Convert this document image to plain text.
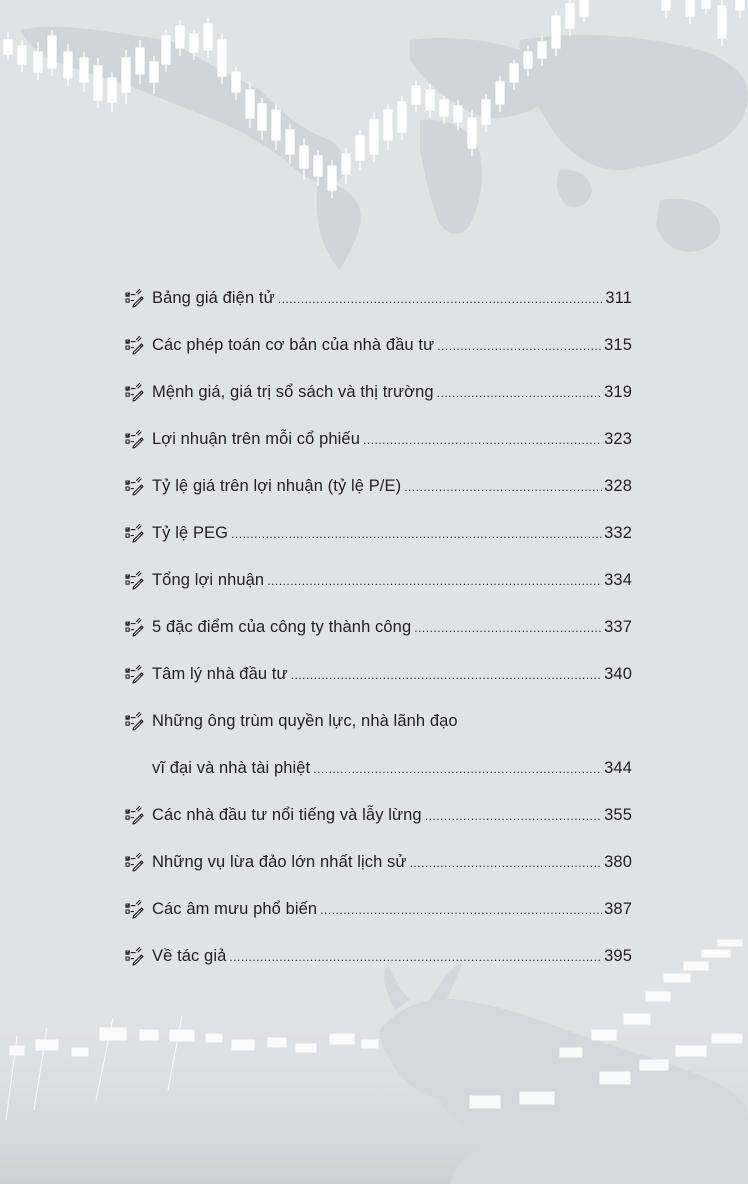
Bảng giá điện tử .....	311
Các phép toán cơ bản của nhà đầu tư .....	315
Mệnh giá, giá trị sổ sách và thị trường .....	319
Lợi nhuận trên mỗi cổ phiếu .....	323
Tỷ lệ giá trên lợi nhuận (tỷ lệ P/E) .....	328
Tỷ lệ PEG .....	332
Tổng lợi nhuận .....	334
5 đặc điểm của công ty thành công .....	337
Tâm lý nhà đầu tư .....	340
Những ông trùm quyền lực, nhà lãnh đạo
vĩ đại và nhà tài phiệt .....	344
Các nhà đầu tư nổi tiếng và lẫy lừng .....	355
Những vụ lừa đảo lớn nhất lịch sử .....	380
Các âm mưu phổ biến .....	387
Về tác giả .....	395
